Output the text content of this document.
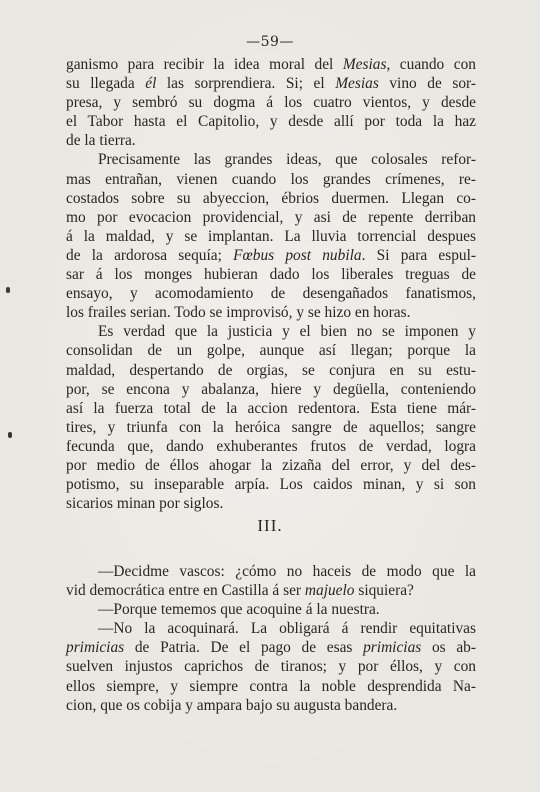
—59—

ganismo para recibir la idea moral del Mesias, cuando con
su llegada él las sorprendiera. Si; el Mesias vino de sor-
presa, y sembró su dogma á los cuatro vientos, y desde
el Tabor hasta el Capitolio, y desde allí por toda la haz
de la tierra.

Precisamente las grandes ideas, que colosales refor-
mas entrañan, vienen cuando los grandes crímenes, re-
costados sobre su abyeccion, ébrios duermen. Llegan co-
mo por evocacion providencial, y asi de repente derriban
á la maldad, y se implantan. La lluvia torrencial despues
de la ardorosa sequía; Fœbus post nubila. Si para espul-
sar á los monges hubieran dado los liberales treguas de
ensayo, y acomodamiento de desengañados fanatismos,
los frailes serian. Todo se improvisó, y se hizo en horas.

Es verdad que la justicia y el bien no se imponen y
consolidan de un golpe, aunque así llegan; porque la
maldad, despertando de orgias, se conjura en su estu-
por, se encona y abalanza, hiere y degüella, conteniendo
así la fuerza total de la accion redentora. Esta tiene már-
tires, y triunfa con la heróica sangre de aquellos; sangre
fecunda que, dando exhuberantes frutos de verdad, logra
por medio de éllos ahogar la zizaña del error, y del des-
potismo, su inseparable arpía. Los caidos minan, y si son
sicarios minan por siglos.

III.

—Decidme vascos: ¿cómo no haceis de modo que la
vid democrática entre en Castilla á ser majuelo siquiera?

—Porque tememos que acoquine á la nuestra.

—No la acoquinará. La obligará á rendir equitativas
primicias de Patria. De el pago de esas primicias os ab-
suelven injustos caprichos de tiranos; y por éllos, y con
ellos siempre, y siempre contra la noble desprendida Na-
cion, que os cobija y ampara bajo su augusta bandera.
